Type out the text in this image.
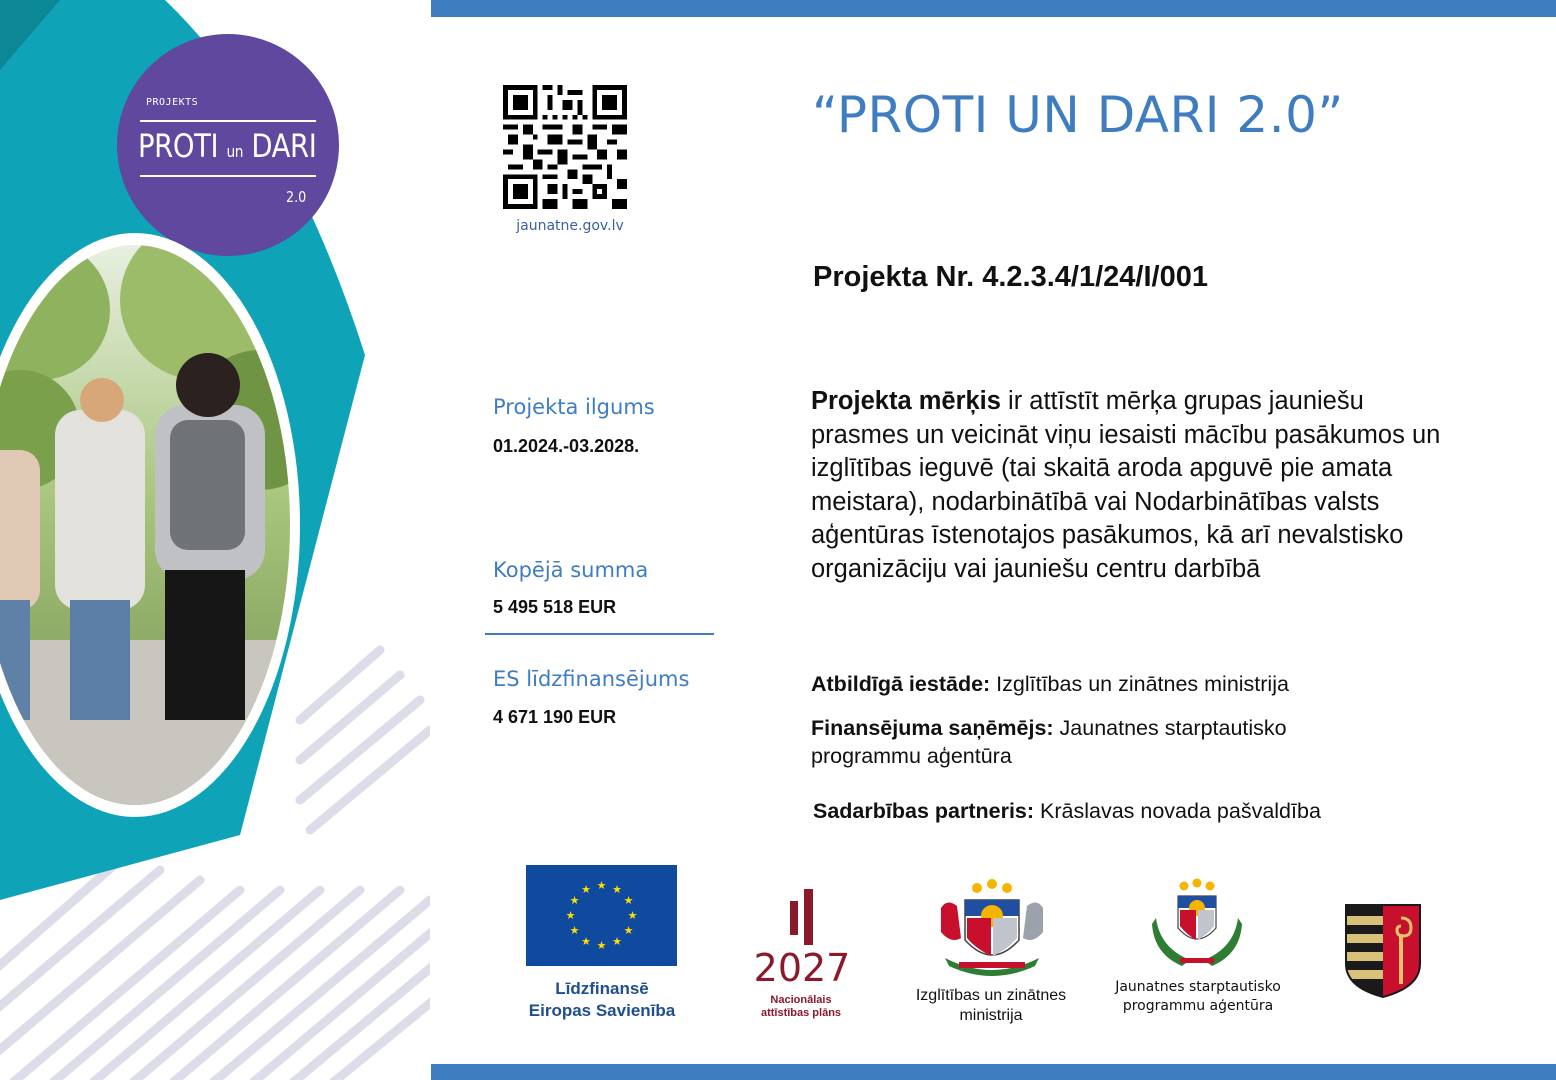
PROJEKTS
PROTI un DARI
2.0
jaunatne.gov.lv
“PROTI UN DARI 2.0”
Projekta Nr. 4.2.3.4/1/24/I/001
Projekta ilgums
01.2024.-03.2028.
Kopējā summa
5 495 518 EUR
ES līdzfinansējums
4 671 190 EUR
Projekta mērķis ir attīstīt mērķa grupas jauniešu prasmes un veicināt viņu iesaisti mācību pasākumos un izglītības ieguvē (tai skaitā aroda apguvē pie amata meistara), nodarbinātībā vai Nodarbinātības valsts aģentūras īstenotajos pasākumos, kā arī nevalstisko organizāciju vai jauniešu centru darbībā
Atbildīgā iestāde: Izglītības un zinātnes ministrija
Finansējuma saņēmējs: Jaunatnes starptautisko programmu aģentūra
Sadarbības partneris: Krāslavas novada pašvaldība
★ ★
★
★
★
★
★
★
★
★
★
★
Līdzfinansē
Eiropas Savienība
2027
Nacionālais
attīstības plāns
Izglītības un zinātnes
ministrija
Jaunatnes starptautisko
programmu aģentūra
